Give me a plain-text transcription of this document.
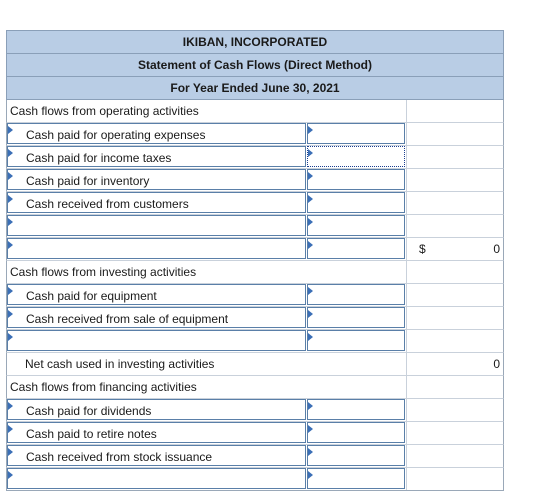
IKIBAN, INCORPORATED
Statement of Cash Flows (Direct Method)
For Year Ended June 30, 2021
Cash flows from operating activities
Cash paid for operating expenses
Cash paid for income taxes
Cash paid for inventory
Cash received from customers
$	0
Cash flows from investing activities
Cash paid for equipment
Cash received from sale of equipment
Net cash used in investing activities	0
Cash flows from financing activities
Cash paid for dividends
Cash paid to retire notes
Cash received from stock issuance
